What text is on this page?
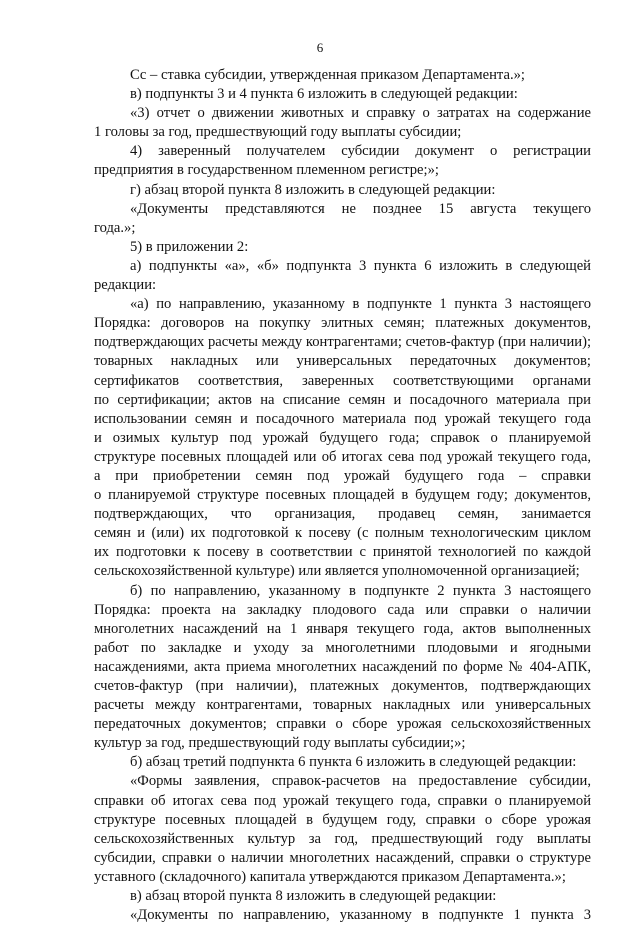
6
Сс – ставка субсидии, утвержденная приказом Департамента.»;
в) подпункты 3 и 4 пункта 6 изложить в следующей редакции:
«3) отчет о движении животных и справку о затратах на содержание
1 головы за год, предшествующий году выплаты субсидии;
4) заверенный получателем субсидии документ о регистрации
предприятия в государственном племенном регистре;»;
г) абзац второй пункта 8 изложить в следующей редакции:
«Документы представляются не позднее 15 августа текущего
года.»;
5) в приложении 2:
а) подпункты «а», «б» подпункта 3 пункта 6 изложить в следующей
редакции:
«а) по направлению, указанному в подпункте 1 пункта 3 настоящего
Порядка: договоров на покупку элитных семян; платежных документов,
подтверждающих расчеты между контрагентами; счетов-фактур (при наличии);
товарных накладных или универсальных передаточных документов;
сертификатов соответствия, заверенных соответствующими органами
по сертификации; актов на списание семян и посадочного материала при
использовании семян и посадочного материала под урожай текущего года
и озимых культур под урожай будущего года; справок о планируемой
структуре посевных площадей или об итогах сева под урожай текущего года,
а при приобретении семян под урожай будущего года – справки
о планируемой структуре посевных площадей в будущем году; документов,
подтверждающих, что организация, продавец семян, занимается
семян и (или) их подготовкой к посеву (с полным технологическим циклом
их подготовки к посеву в соответствии с принятой технологией по каждой
сельскохозяйственной культуре) или является уполномоченной организацией;
б) по направлению, указанному в подпункте 2 пункта 3 настоящего
Порядка: проекта на закладку плодового сада или справки о наличии
многолетних насаждений на 1 января текущего года, актов выполненных
работ по закладке и уходу за многолетними плодовыми и ягодными
насаждениями, акта приема многолетних насаждений по форме № 404-АПК,
счетов-фактур (при наличии), платежных документов, подтверждающих
расчеты между контрагентами, товарных накладных или универсальных
передаточных документов; справки о сборе урожая сельскохозяйственных
культур за год, предшествующий году выплаты субсидии;»;
б) абзац третий подпункта 6 пункта 6 изложить в следующей редакции:
«Формы заявления, справок-расчетов на предоставление субсидии,
справки об итогах сева под урожай текущего года, справки о планируемой
структуре посевных площадей в будущем году, справки о сборе урожая
сельскохозяйственных культур за год, предшествующий году выплаты
субсидии, справки о наличии многолетних насаждений, справки о структуре
уставного (складочного) капитала утверждаются приказом Департамента.»;
в) абзац второй пункта 8 изложить в следующей редакции:
«Документы по направлению, указанному в подпункте 1 пункта 3
